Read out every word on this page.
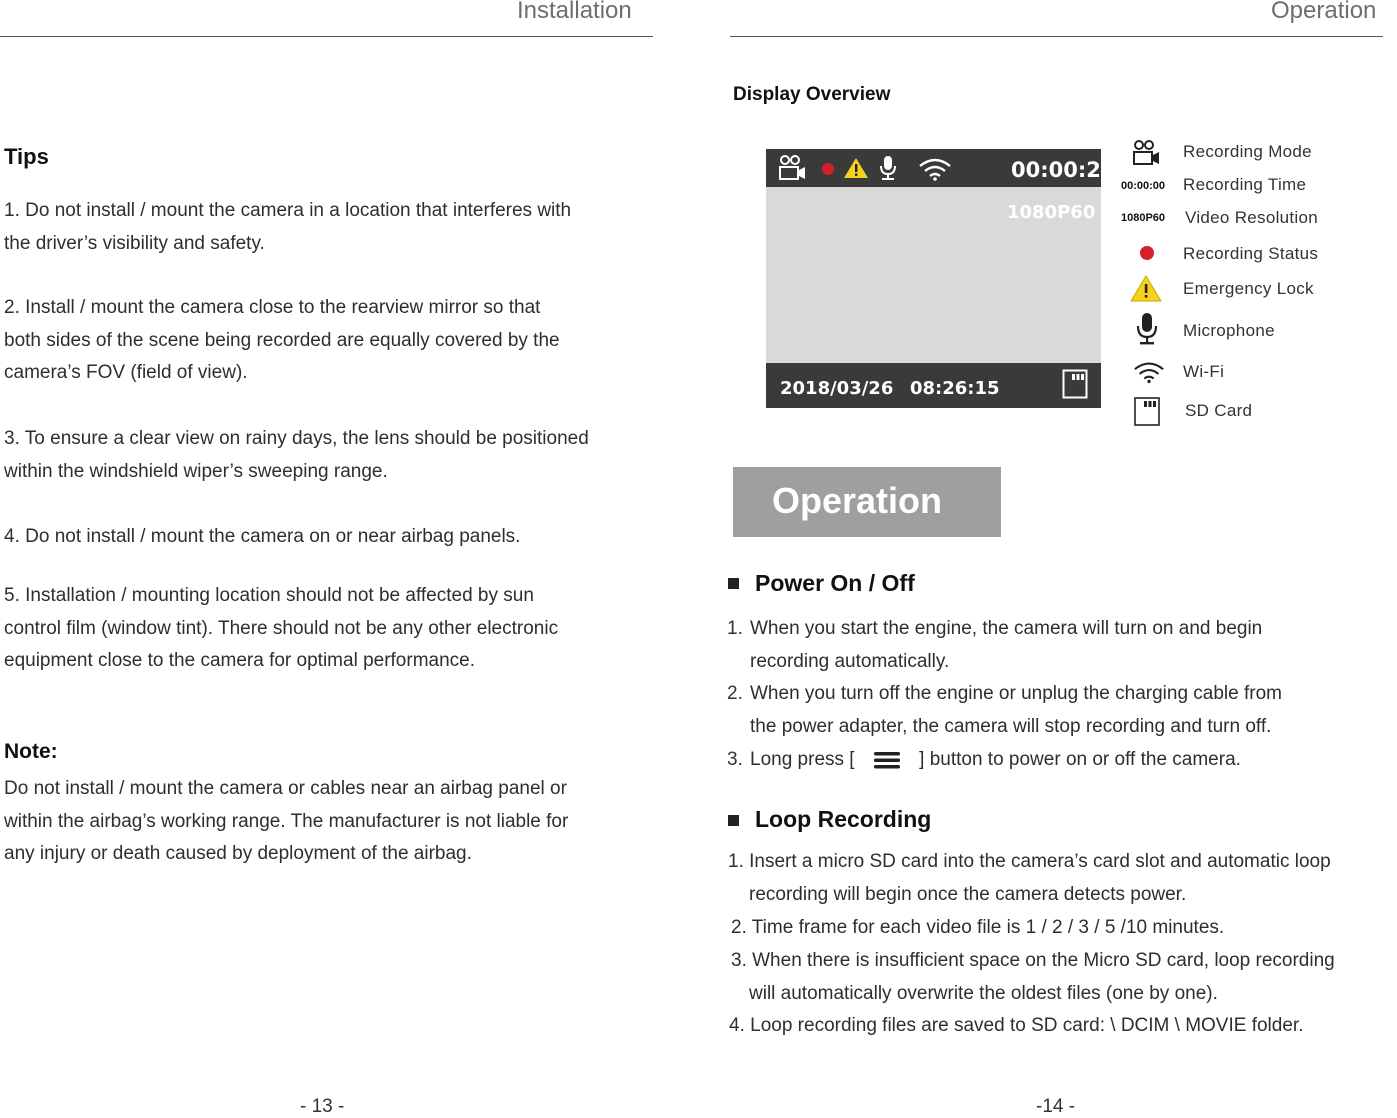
Installation
Tips
1. Do not install / mount the camera in a location that interferes with
the driver’s visibility and safety.
2. Install / mount the camera close to the rearview mirror so that
both sides of the scene being recorded are equally covered by the
camera’s FOV (field of view).
3. To ensure a clear view on rainy days, the lens should be positioned
within the windshield wiper’s sweeping range.
4. Do not install / mount the camera on or near airbag panels.
5. Installation / mounting location should not be affected by sun
control film (window tint). There should not be any other electronic
equipment close to the camera for optimal performance.
Note:
Do not install / mount the camera or cables near an airbag panel or
within the airbag’s working range. The manufacturer is not liable for
any injury or death caused by deployment of the airbag.
- 13 -
Operation
Display Overview
00:00:20
1080P60
2018/03/26 08:26:15
Recording Mode
00:00:00 Recording Time
1080P60 Video Resolution
Recording Status
Emergency Lock
Microphone
Wi-Fi
SD Card
Operation
Power On / Off
1. When you start the engine, the camera will turn on and begin
recording automatically.
2. When you turn off the engine or unplug the charging cable from
the power adapter, the camera will stop recording and turn off.
3. Long press [	] button to power on or off the camera.
Loop Recording
1. Insert a micro SD card into the camera’s card slot and automatic loop
recording will begin once the camera detects power.
2. Time frame for each video file is 1 / 2 / 3 / 5 /10 minutes.
3. When there is insufficient space on the Micro SD card, loop recording
will automatically overwrite the oldest files (one by one).
4. Loop recording files are saved to SD card: \ DCIM \ MOVIE folder.
-14 -
